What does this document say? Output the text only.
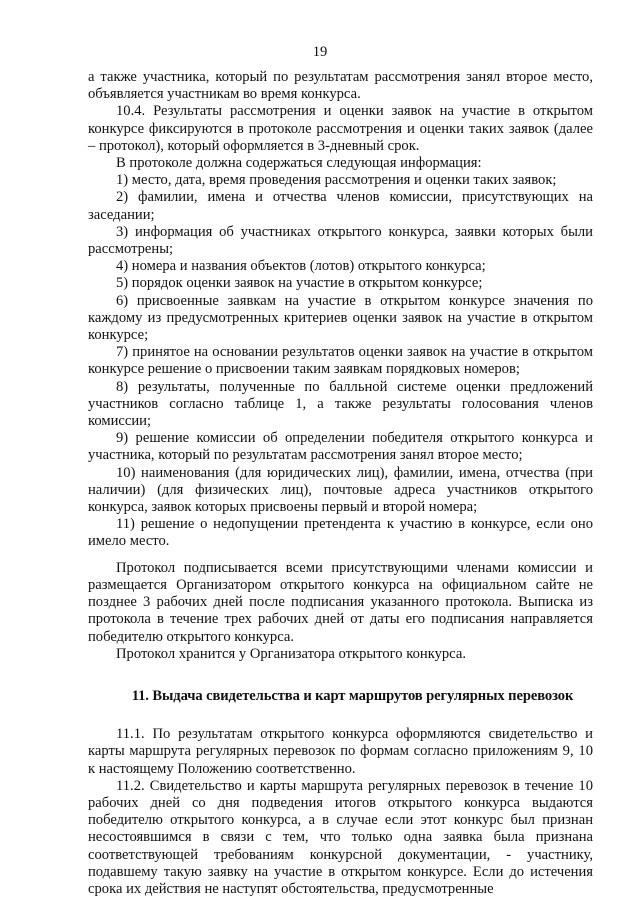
19

а также участника, который по результатам рассмотрения занял второе место, объявляется участникам во время конкурса.

10.4. Результаты рассмотрения и оценки заявок на участие в открытом конкурсе фиксируются в протоколе рассмотрения и оценки таких заявок (далее – протокол), который оформляется в 3-дневный срок.

В протоколе должна содержаться следующая информация:

1) место, дата, время проведения рассмотрения и оценки таких заявок;

2) фамилии, имена и отчества членов комиссии, присутствующих на заседании;

3) информация об участниках открытого конкурса, заявки которых были рассмотрены;

4) номера и названия объектов (лотов) открытого конкурса;

5) порядок оценки заявок на участие в открытом конкурсе;

6) присвоенные заявкам на участие в открытом конкурсе значения по каждому из предусмотренных критериев оценки заявок на участие в открытом конкурсе;

7) принятое на основании результатов оценки заявок на участие в открытом конкурсе решение о присвоении таким заявкам порядковых номеров;

8) результаты, полученные по балльной системе оценки предложений участников согласно таблице 1, а также результаты голосования членов комиссии;

9) решение комиссии об определении победителя открытого конкурса и участника, который по результатам рассмотрения занял второе место;

10) наименования (для юридических лиц), фамилии, имена, отчества (при наличии) (для физических лиц), почтовые адреса участников открытого конкурса, заявок которых присвоены первый и второй номера;

11) решение о недопущении претендента к участию в конкурсе, если оно имело место.

Протокол подписывается всеми присутствующими членами комиссии и размещается Организатором открытого конкурса на официальном сайте не позднее 3 рабочих дней после подписания указанного протокола. Выписка из протокола в течение трех рабочих дней от даты его подписания направляется победителю открытого конкурса.

Протокол хранится у Организатора открытого конкурса.

11. Выдача свидетельства и карт маршрутов регулярных перевозок

11.1. По результатам открытого конкурса оформляются свидетельство и карты маршрута регулярных перевозок по формам согласно приложениям 9, 10 к настоящему Положению соответственно.

11.2. Свидетельство и карты маршрута регулярных перевозок в течение 10 рабочих дней со дня подведения итогов открытого конкурса выдаются победителю открытого конкурса, а в случае если этот конкурс был признан несостоявшимся в связи с тем, что только одна заявка была признана соответствующей требованиям конкурсной документации, - участнику, подавшему такую заявку на участие в открытом конкурсе. Если до истечения срока их действия не наступят обстоятельства, предусмотренные
